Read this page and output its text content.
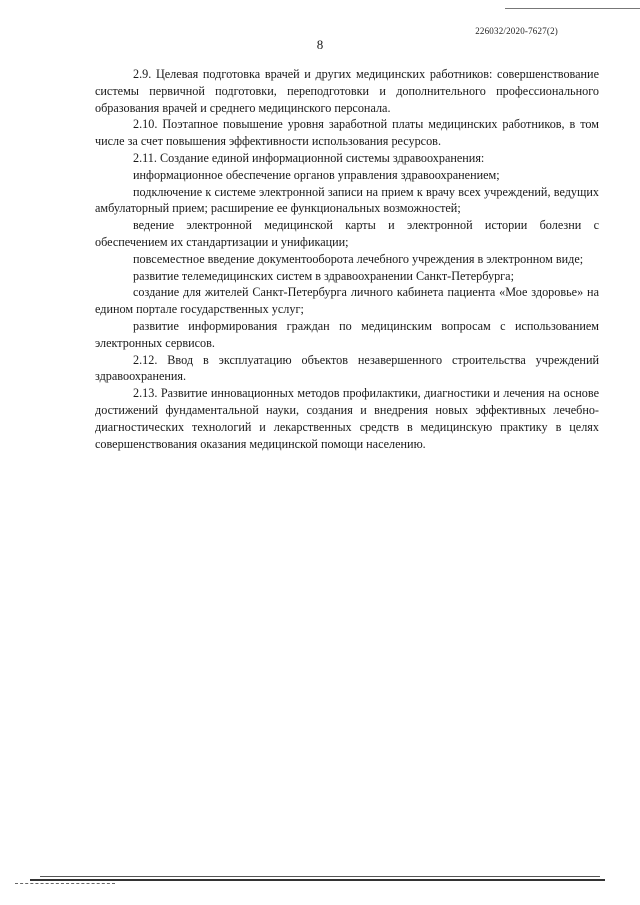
226032/2020-7627(2)
8

2.9. Целевая подготовка врачей и других медицинских работников: совершенствование системы первичной подготовки, переподготовки и дополнительного профессионального образования врачей и среднего медицинского персонала.

2.10. Поэтапное повышение уровня заработной платы медицинских работников, в том числе за счет повышения эффективности использования ресурсов.

2.11. Создание единой информационной системы здравоохранения:

информационное обеспечение органов управления здравоохранением;

подключение к системе электронной записи на прием к врачу всех учреждений, ведущих амбулаторный прием; расширение ее функциональных возможностей;

ведение электронной медицинской карты и электронной истории болезни с обеспечением их стандартизации и унификации;

повсеместное введение документооборота лечебного учреждения в электронном виде;

развитие телемедицинских систем в здравоохранении Санкт-Петербурга;

создание для жителей Санкт-Петербурга личного кабинета пациента «Мое здоровье» на едином портале государственных услуг;

развитие информирования граждан по медицинским вопросам с использованием электронных сервисов.

2.12. Ввод в эксплуатацию объектов незавершенного строительства учреждений здравоохранения.

2.13. Развитие инновационных методов профилактики, диагностики и лечения на основе достижений фундаментальной науки, создания и внедрения новых эффективных лечебно-диагностических технологий и лекарственных средств в медицинскую практику в целях совершенствования оказания медицинской помощи населению.
